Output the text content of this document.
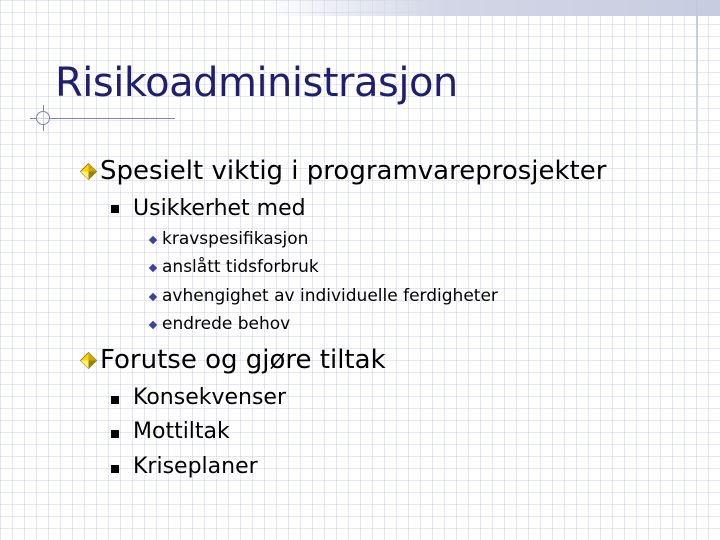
Risikoadministrasjon
Spesielt viktig i programvareprosjekter
Usikkerhet med
kravspesifikasjon
anslått tidsforbruk
avhengighet av individuelle ferdigheter
endrede behov
Forutse og gjøre tiltak
Konsekvenser
Mottiltak
Kriseplaner
